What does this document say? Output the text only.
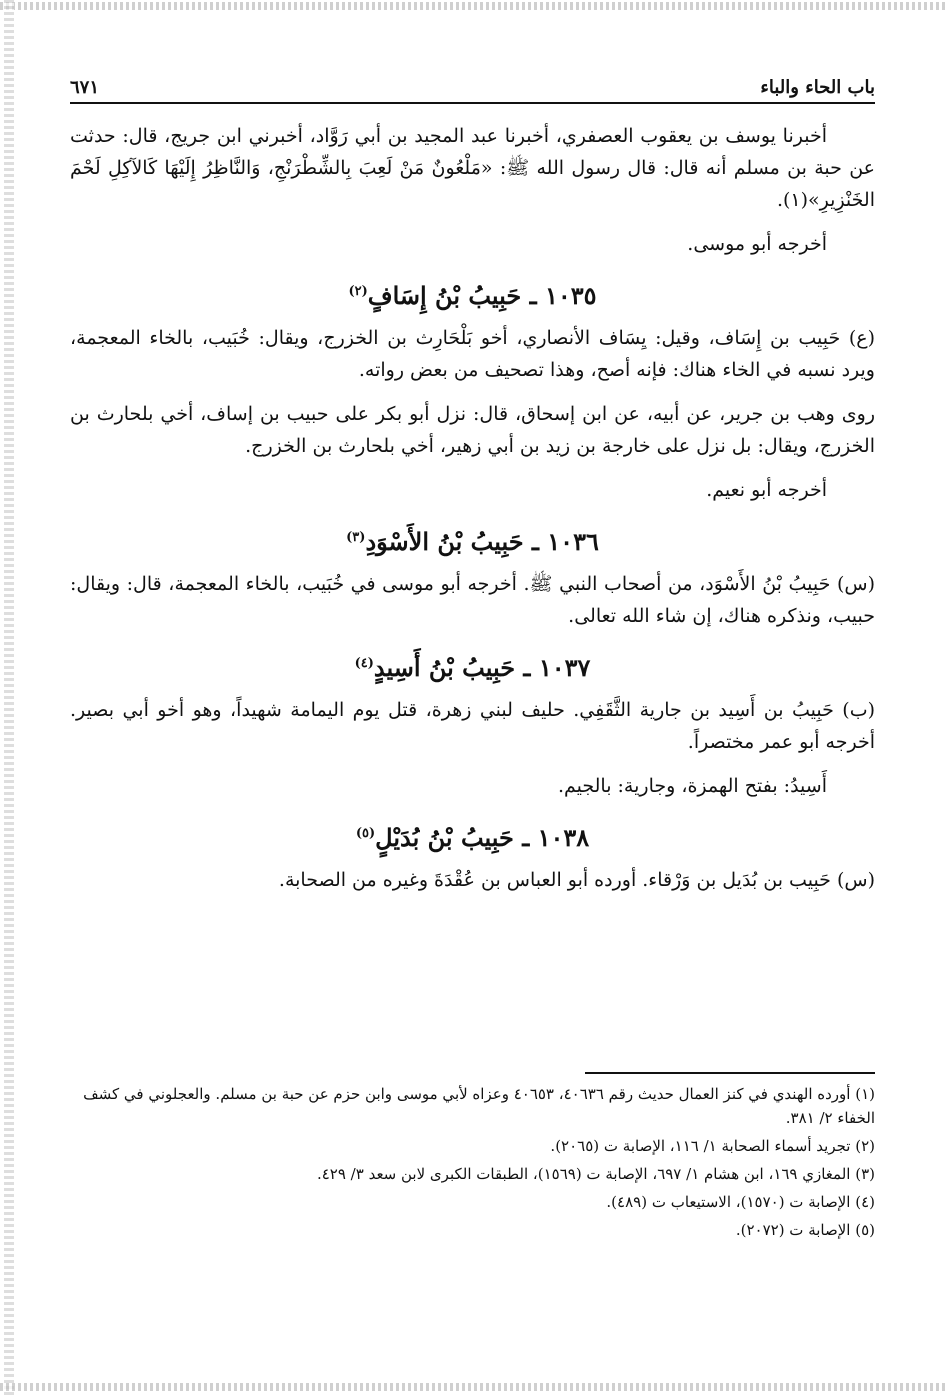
باب الحاء والباء
٦٧١

أخبرنا يوسف بن يعقوب العصفري، أخبرنا عبد المجيد بن أبي رَوَّاد، أخبرني ابن جريج، قال: حدثت عن حبة بن مسلم أنه قال: قال رسول الله ﷺ: «مَلْعُونٌ مَنْ لَعِبَ بِالشِّطْرَنْجِ، وَالنَّاظِرُ إِلَيْهَا كَالآكِلِ لَحْمَ الخَنْزِيرِ»(١).

أخرجه أبو موسى.

١٠٣٥ ـ حَبِيبُ بْنُ إِسَافٍ$^{(٢)}$

(ع) حَبِيب بن إِسَاف، وقيل: يِسَاف الأنصاري، أخو بَلْحَارِث بن الخزرج، ويقال: خُبَيب، بالخاء المعجمة، ويرد نسبه في الخاء هناك: فإنه أصح، وهذا تصحيف من بعض رواته.

روى وهب بن جرير، عن أبيه، عن ابن إسحاق، قال: نزل أبو بكر على حبيب بن إساف، أخي بلحارث بن الخزرج، ويقال: بل نزل على خارجة بن زيد بن أبي زهير، أخي بلحارث بن الخزرج.

أخرجه أبو نعيم.

١٠٣٦ ـ حَبِيبُ بْنُ الأَسْوَدِ$^{(٣)}$

(س) حَبِيبُ بْنُ الأَسْوَد، من أصحاب النبي ﷺ. أخرجه أبو موسى في خُبَيب، بالخاء المعجمة، قال: ويقال: حبيب، ونذكره هناك، إن شاء الله تعالى.

١٠٣٧ ـ حَبِيبُ بْنُ أَسِيدٍ$^{(٤)}$

(ب) حَبِيبُ بن أَسِيد بن جارية الثَّقَفِي. حليف لبني زهرة، قتل يوم اليمامة شهيداً، وهو أخو أبي بصير. أخرجه أبو عمر مختصراً.

أَسِيدُ: بفتح الهمزة، وجارية: بالجيم.

١٠٣٨ ـ حَبِيبُ بْنُ بُدَيْلٍ$^{(٥)}$

(س) حَبِيب بن بُدَيل بن وَرْقاء. أورده أبو العباس بن عُقْدَةَ وغيره من الصحابة.

(١) أورده الهندي في كنز العمال حديث رقم ٤٠٦٣٦، ٤٠٦٥٣ وعزاه لأبي موسى وابن حزم عن حبة بن مسلم. والعجلوني في كشف الخفاء ٢/ ٣٨١.

(٢) تجريد أسماء الصحابة ١/ ١١٦، الإصابة ت (٢٠٦٥).

(٣) المغازي ١٦٩، ابن هشام ١/ ٦٩٧، الإصابة ت (١٥٦٩)، الطبقات الكبرى لابن سعد ٣/ ٤٢٩.

(٤) الإصابة ت (١٥٧٠)، الاستيعاب ت (٤٨٩).

(٥) الإصابة ت (٢٠٧٢).
